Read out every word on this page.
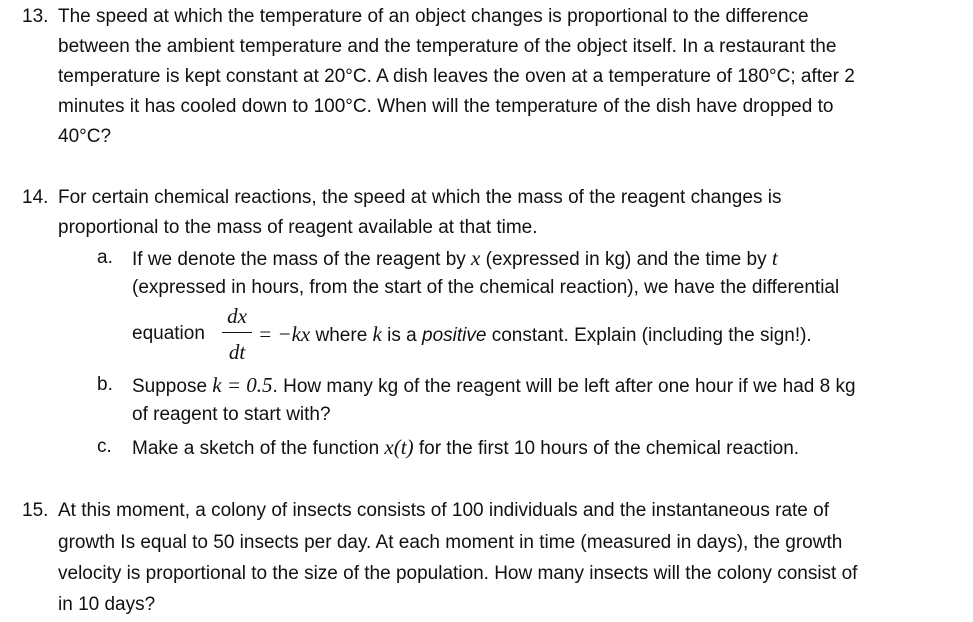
13. The speed at which the temperature of an object changes is proportional to the difference
between the ambient temperature and the temperature of the object itself. In a restaurant the
temperature is kept constant at 20°C. A dish leaves the oven at a temperature of 180°C; after 2
minutes it has cooled down to 100°C. When will the temperature of the dish have dropped to
40°C?
14. For certain chemical reactions, the speed at which the mass of the reagent changes is
proportional to the mass of reagent available at that time.
a. If we denote the mass of the reagent by x (expressed in kg) and the time by t
(expressed in hours, from the start of the chemical reaction), we have the differential
equation
dx
dt
= −kx where k is a positive constant. Explain (including the sign!).
b. Suppose k = 0.5. How many kg of the reagent will be left after one hour if we had 8 kg
of reagent to start with?
c. Make a sketch of the function x(t) for the first 10 hours of the chemical reaction.
15. At this moment, a colony of insects consists of 100 individuals and the instantaneous rate of
growth Is equal to 50 insects per day. At each moment in time (measured in days), the growth
velocity is proportional to the size of the population. How many insects will the colony consist of
in 10 days?
